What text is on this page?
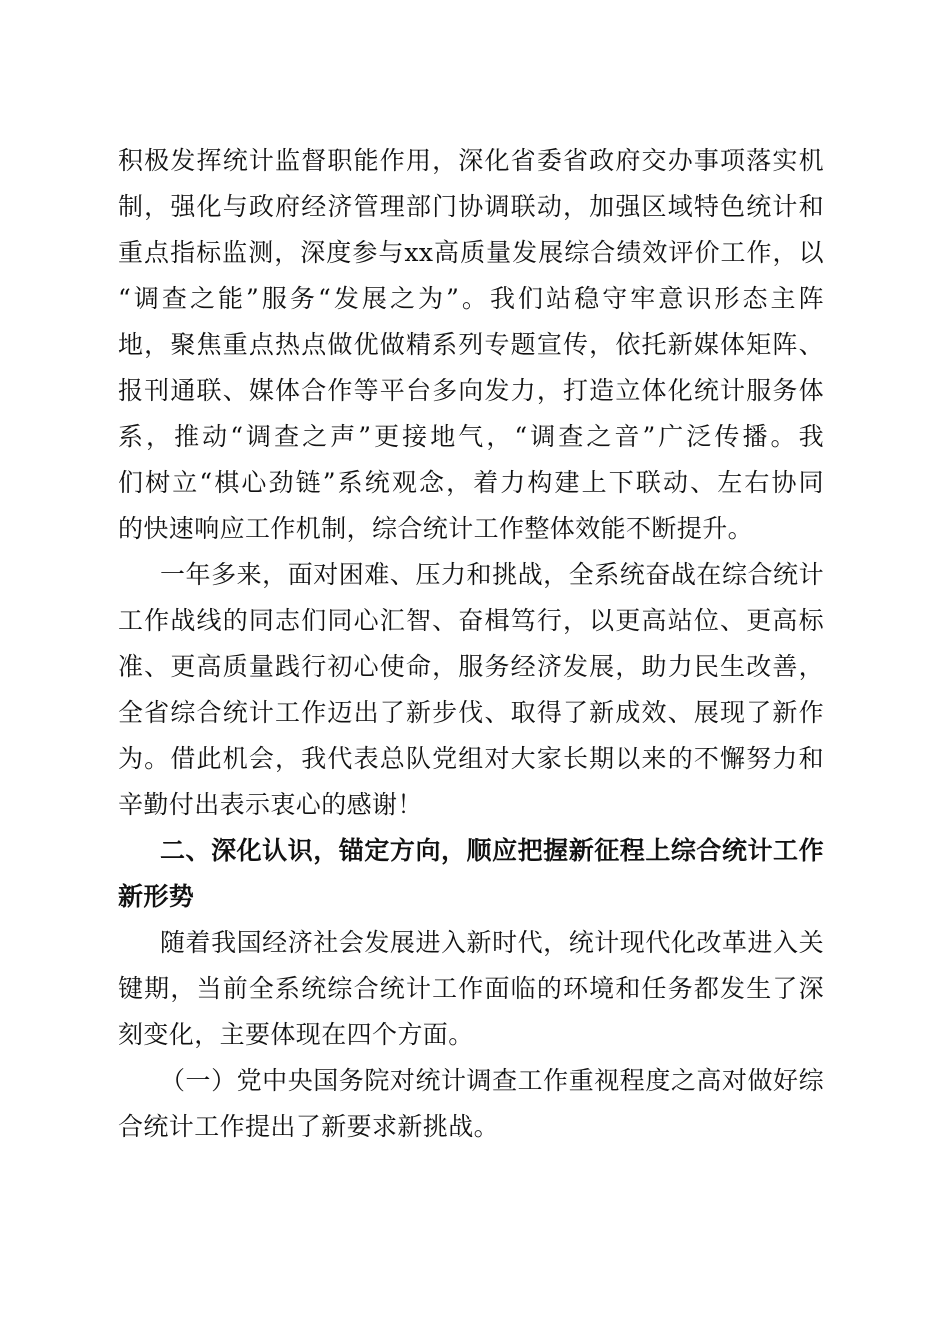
积极发挥统计监督职能作用，深化省委省政府交办事项落实机
制，强化与政府经济管理部门协调联动，加强区域特色统计和
重点指标监测，深度参与xx高质量发展综合绩效评价工作，以
“调查之能”服务“发展之为”。我们站稳守牢意识形态主阵
地，聚焦重点热点做优做精系列专题宣传，依托新媒体矩阵、
报刊通联、媒体合作等平台多向发力，打造立体化统计服务体
系，推动“调查之声”更接地气，“调查之音”广泛传播。我
们树立“棋心劲链”系统观念，着力构建上下联动、左右协同
的快速响应工作机制，综合统计工作整体效能不断提升。
一年多来，面对困难、压力和挑战，全系统奋战在综合统计
工作战线的同志们同心汇智、奋楫笃行，以更高站位、更高标
准、更高质量践行初心使命，服务经济发展，助力民生改善，
全省综合统计工作迈出了新步伐、取得了新成效、展现了新作
为。借此机会，我代表总队党组对大家长期以来的不懈努力和
辛勤付出表示衷心的感谢！
二、深化认识，锚定方向，顺应把握新征程上综合统计工作
新形势
随着我国经济社会发展进入新时代，统计现代化改革进入关
键期，当前全系统综合统计工作面临的环境和任务都发生了深
刻变化，主要体现在四个方面。
（一）党中央国务院对统计调查工作重视程度之高对做好综
合统计工作提出了新要求新挑战。
